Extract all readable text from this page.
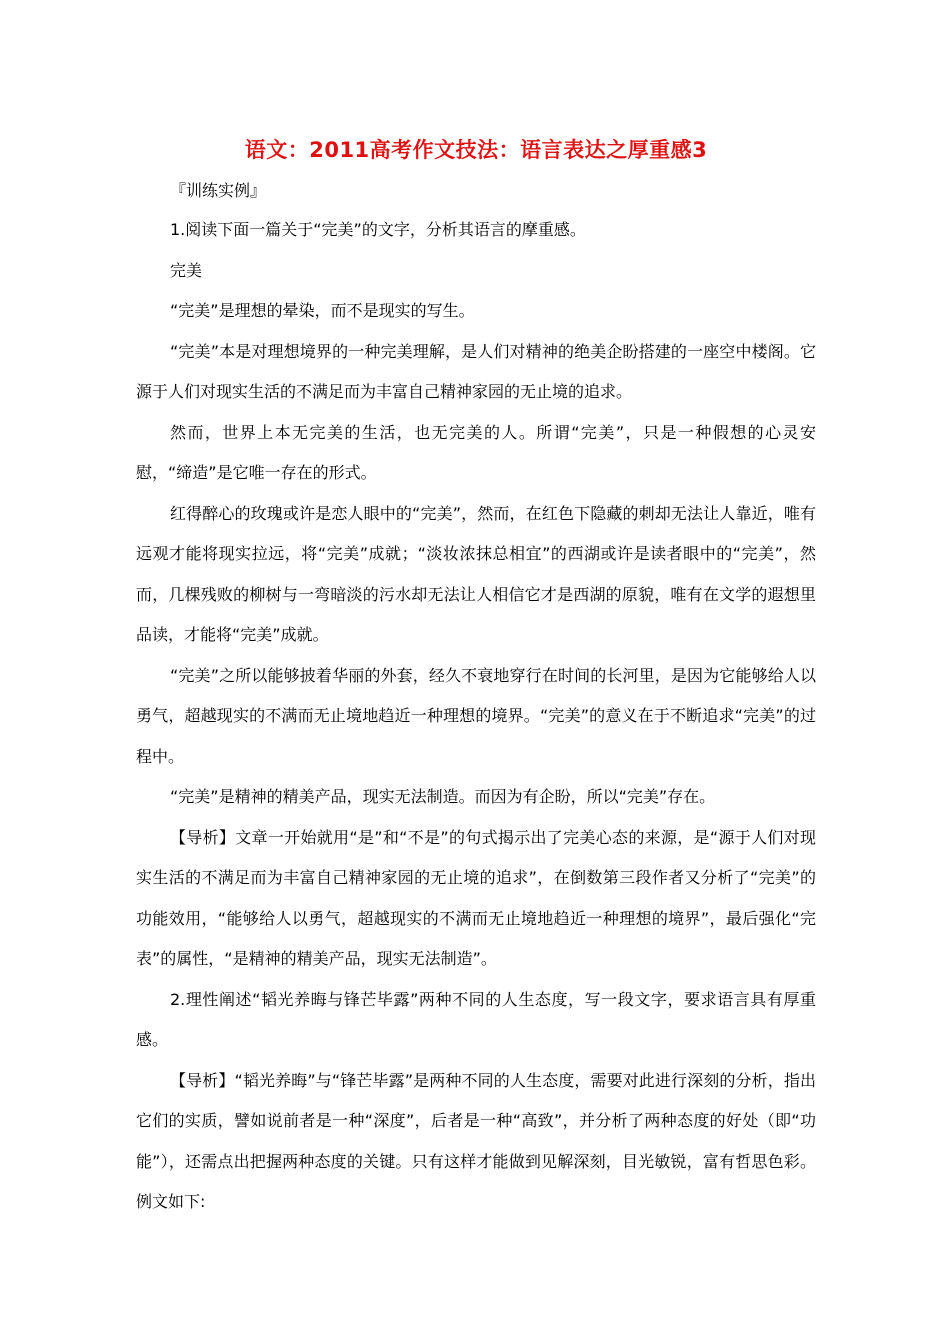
语文：2011高考作文技法：语言表达之厚重感3

『训练实例』

1.阅读下面一篇关于“完美”的文字，分析其语言的摩重感。

完美

“完美”是理想的晕染，而不是现实的写生。

“完美”本是对理想境界的一种完美理解，是人们对精神的绝美企盼搭建的一座空中楼阁。它源于人们对现实生活的不满足而为丰富自己精神家园的无止境的追求。

然而，世界上本无完美的生活，也无完美的人。所谓“完美”，只是一种假想的心灵安慰，“缔造”是它唯一存在的形式。

红得醉心的玫瑰或许是恋人眼中的“完美”，然而，在红色下隐藏的刺却无法让人靠近，唯有远观才能将现实拉远，将“完美”成就；“淡妆浓抹总相宜”的西湖或许是读者眼中的“完美”，然而，几棵残败的柳树与一弯暗淡的污水却无法让人相信它才是西湖的原貌，唯有在文学的遐想里品读，才能将“完美”成就。

“完美”之所以能够披着华丽的外套，经久不衰地穿行在时间的长河里，是因为它能够给人以勇气，超越现实的不满而无止境地趋近一种理想的境界。“完美”的意义在于不断追求“完美”的过程中。

“完美”是精神的精美产品，现实无法制造。而因为有企盼，所以“完美”存在。

【导析】文章一开始就用“是”和“不是”的句式揭示出了完美心态的来源，是“源于人们对现实生活的不满足而为丰富自己精神家园的无止境的追求”，在倒数第三段作者又分析了“完美”的功能效用，“能够给人以勇气，超越现实的不满而无止境地趋近一种理想的境界”，最后强化“完表”的属性，“是精神的精美产品，现实无法制造”。

2.理性阐述“韬光养晦与锋芒毕露”两种不同的人生态度，写一段文字，要求语言具有厚重感。

【导析】“韬光养晦”与“锋芒毕露”是两种不同的人生态度，需要对此进行深刻的分析，指出它们的实质，譬如说前者是一种“深度”，后者是一种“高致”，并分析了两种态度的好处（即“功能”），还需点出把握两种态度的关键。只有这样才能做到见解深刻，目光敏锐，富有哲思色彩。例文如下:
